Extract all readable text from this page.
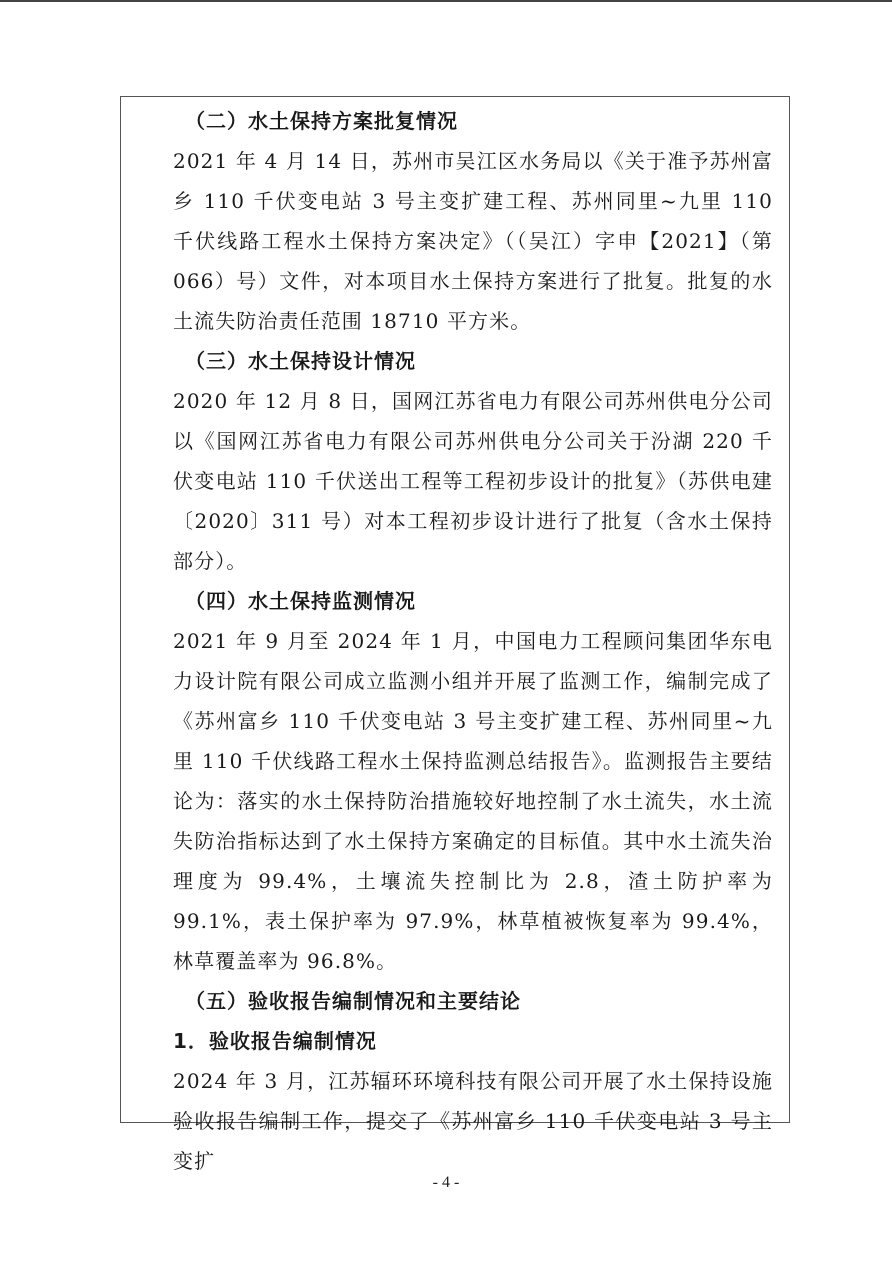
（二）水土保持方案批复情况

2021 年 4 月 14 日，苏州市吴江区水务局以《关于准予苏州富乡 110 千伏变电站 3 号主变扩建工程、苏州同里~九里 110 千伏线路工程水土保持方案决定》（（吴江）字申【2021】（第 066）号）文件，对本项目水土保持方案进行了批复。批复的水土流失防治责任范围 18710 平方米。

（三）水土保持设计情况

2020 年 12 月 8 日，国网江苏省电力有限公司苏州供电分公司以《国网江苏省电力有限公司苏州供电分公司关于汾湖 220 千伏变电站 110 千伏送出工程等工程初步设计的批复》（苏供电建〔2020〕311 号）对本工程初步设计进行了批复（含水土保持部分）。

（四）水土保持监测情况

2021 年 9 月至 2024 年 1 月，中国电力工程顾问集团华东电力设计院有限公司成立监测小组并开展了监测工作，编制完成了《苏州富乡 110 千伏变电站 3 号主变扩建工程、苏州同里~九里 110 千伏线路工程水土保持监测总结报告》。监测报告主要结论为：落实的水土保持防治措施较好地控制了水土流失，水土流失防治指标达到了水土保持方案确定的目标值。其中水土流失治理度为 99.4%，土壤流失控制比为 2.8，渣土防护率为 99.1%，表土保护率为 97.9%，林草植被恢复率为 99.4%，林草覆盖率为 96.8%。

（五）验收报告编制情况和主要结论

1．验收报告编制情况

2024 年 3 月，江苏辐环环境科技有限公司开展了水土保持设施验收报告编制工作，提交了《苏州富乡 110 千伏变电站 3 号主变扩

- 4 -
